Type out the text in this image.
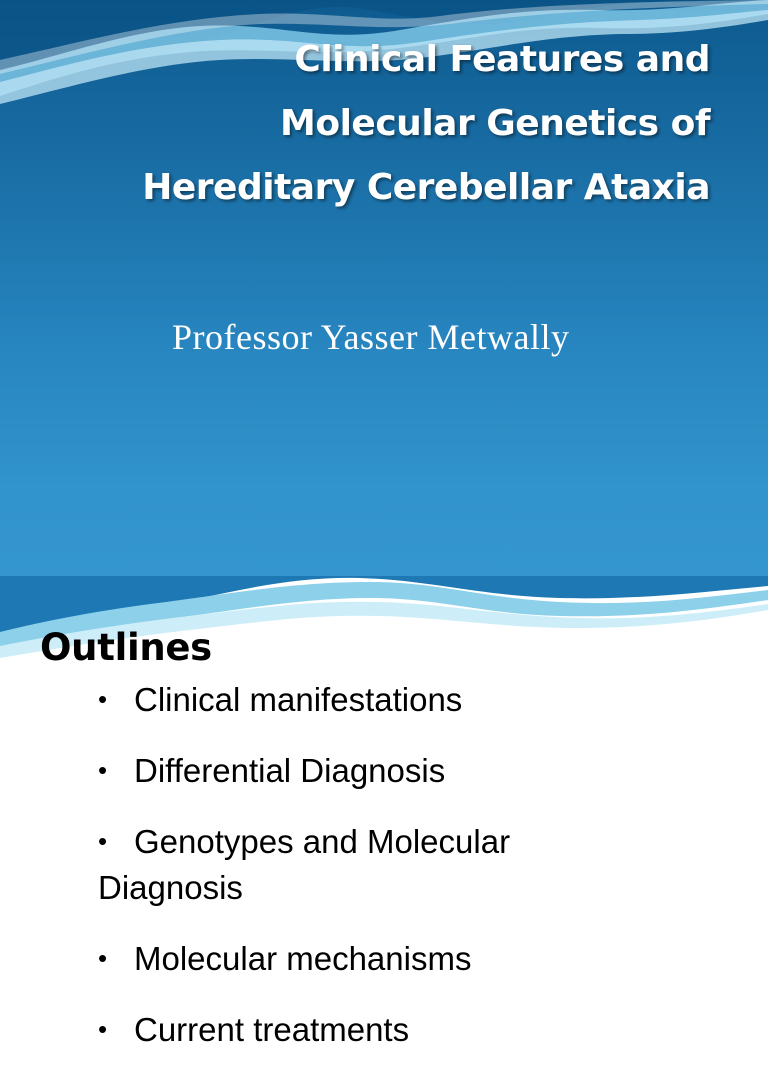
Clinical Features and
Molecular Genetics of
Hereditary Cerebellar Ataxia

Professor Yasser Metwally

Outlines
• Clinical manifestations
• Differential Diagnosis
• Genotypes and Molecular Diagnosis
• Molecular mechanisms
• Current treatments
